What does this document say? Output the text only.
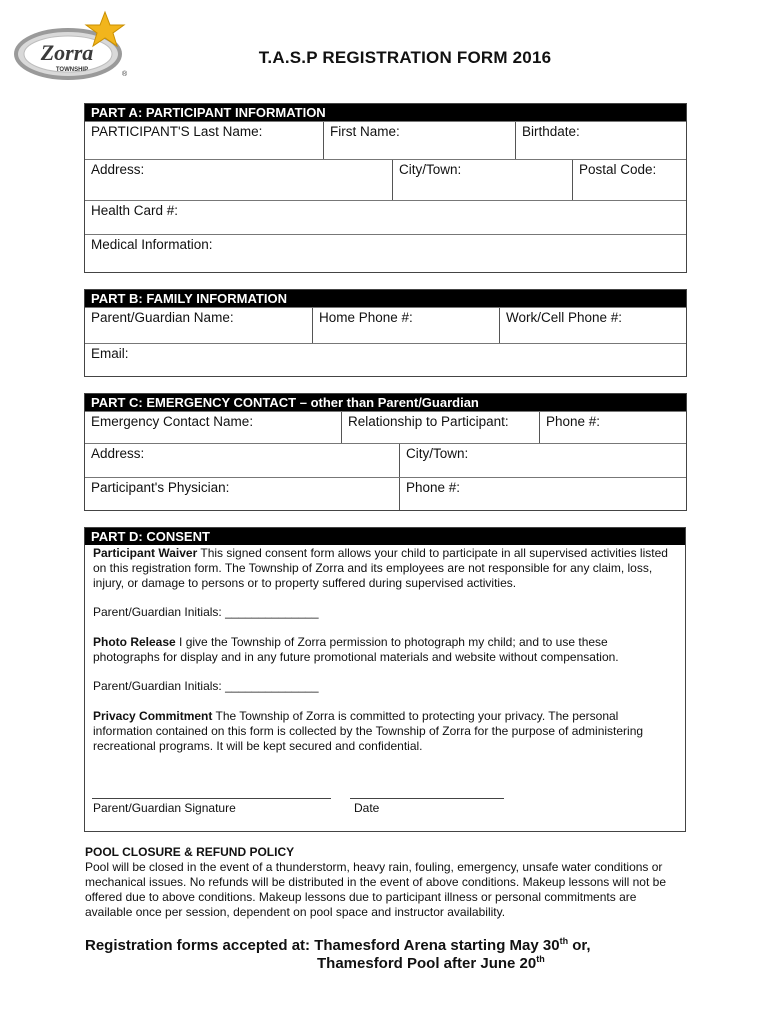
Zorra
TOWNSHIP
®
T.A.S.P REGISTRATION FORM 2016
PART A: PARTICIPANT INFORMATION
PARTICIPANT'S Last Name:	First Name:	Birthdate:
Address:	City/Town:	Postal Code:
Health Card #:
Medical Information:
PART B: FAMILY INFORMATION
Parent/Guardian Name:	Home Phone #:	Work/Cell Phone #:
Email:
PART C: EMERGENCY CONTACT – other than Parent/Guardian
Emergency Contact Name:	Relationship to Participant:	Phone #:
Address:	City/Town:
Participant's Physician:	Phone #:
PART D: CONSENT

Participant Waiver This signed consent form allows your child to participate in all supervised activities listed on this registration form. The Township of Zorra and its employees are not responsible for any claim, loss, injury, or damage to persons or to property suffered during supervised activities.

Parent/Guardian Initials: ______________

Photo Release I give the Township of Zorra permission to photograph my child; and to use these photographs for display and in any future promotional materials and website without compensation.

Parent/Guardian Initials: ______________

Privacy Commitment The Township of Zorra is committed to protecting your privacy. The personal information contained on this form is collected by the Township of Zorra for the purpose of administering recreational programs. It will be kept secured and confidential.

Parent/Guardian Signature	Date
POOL CLOSURE & REFUND POLICY
Pool will be closed in the event of a thunderstorm, heavy rain, fouling, emergency, unsafe water conditions or mechanical issues. No refunds will be distributed in the event of above conditions. Makeup lessons will not be offered due to above conditions. Makeup lessons due to participant illness or personal commitments are available once per session, dependent on pool space and instructor availability.
Registration forms accepted at: Thamesford Arena starting May 30th or,
Thamesford Pool after June 20th
